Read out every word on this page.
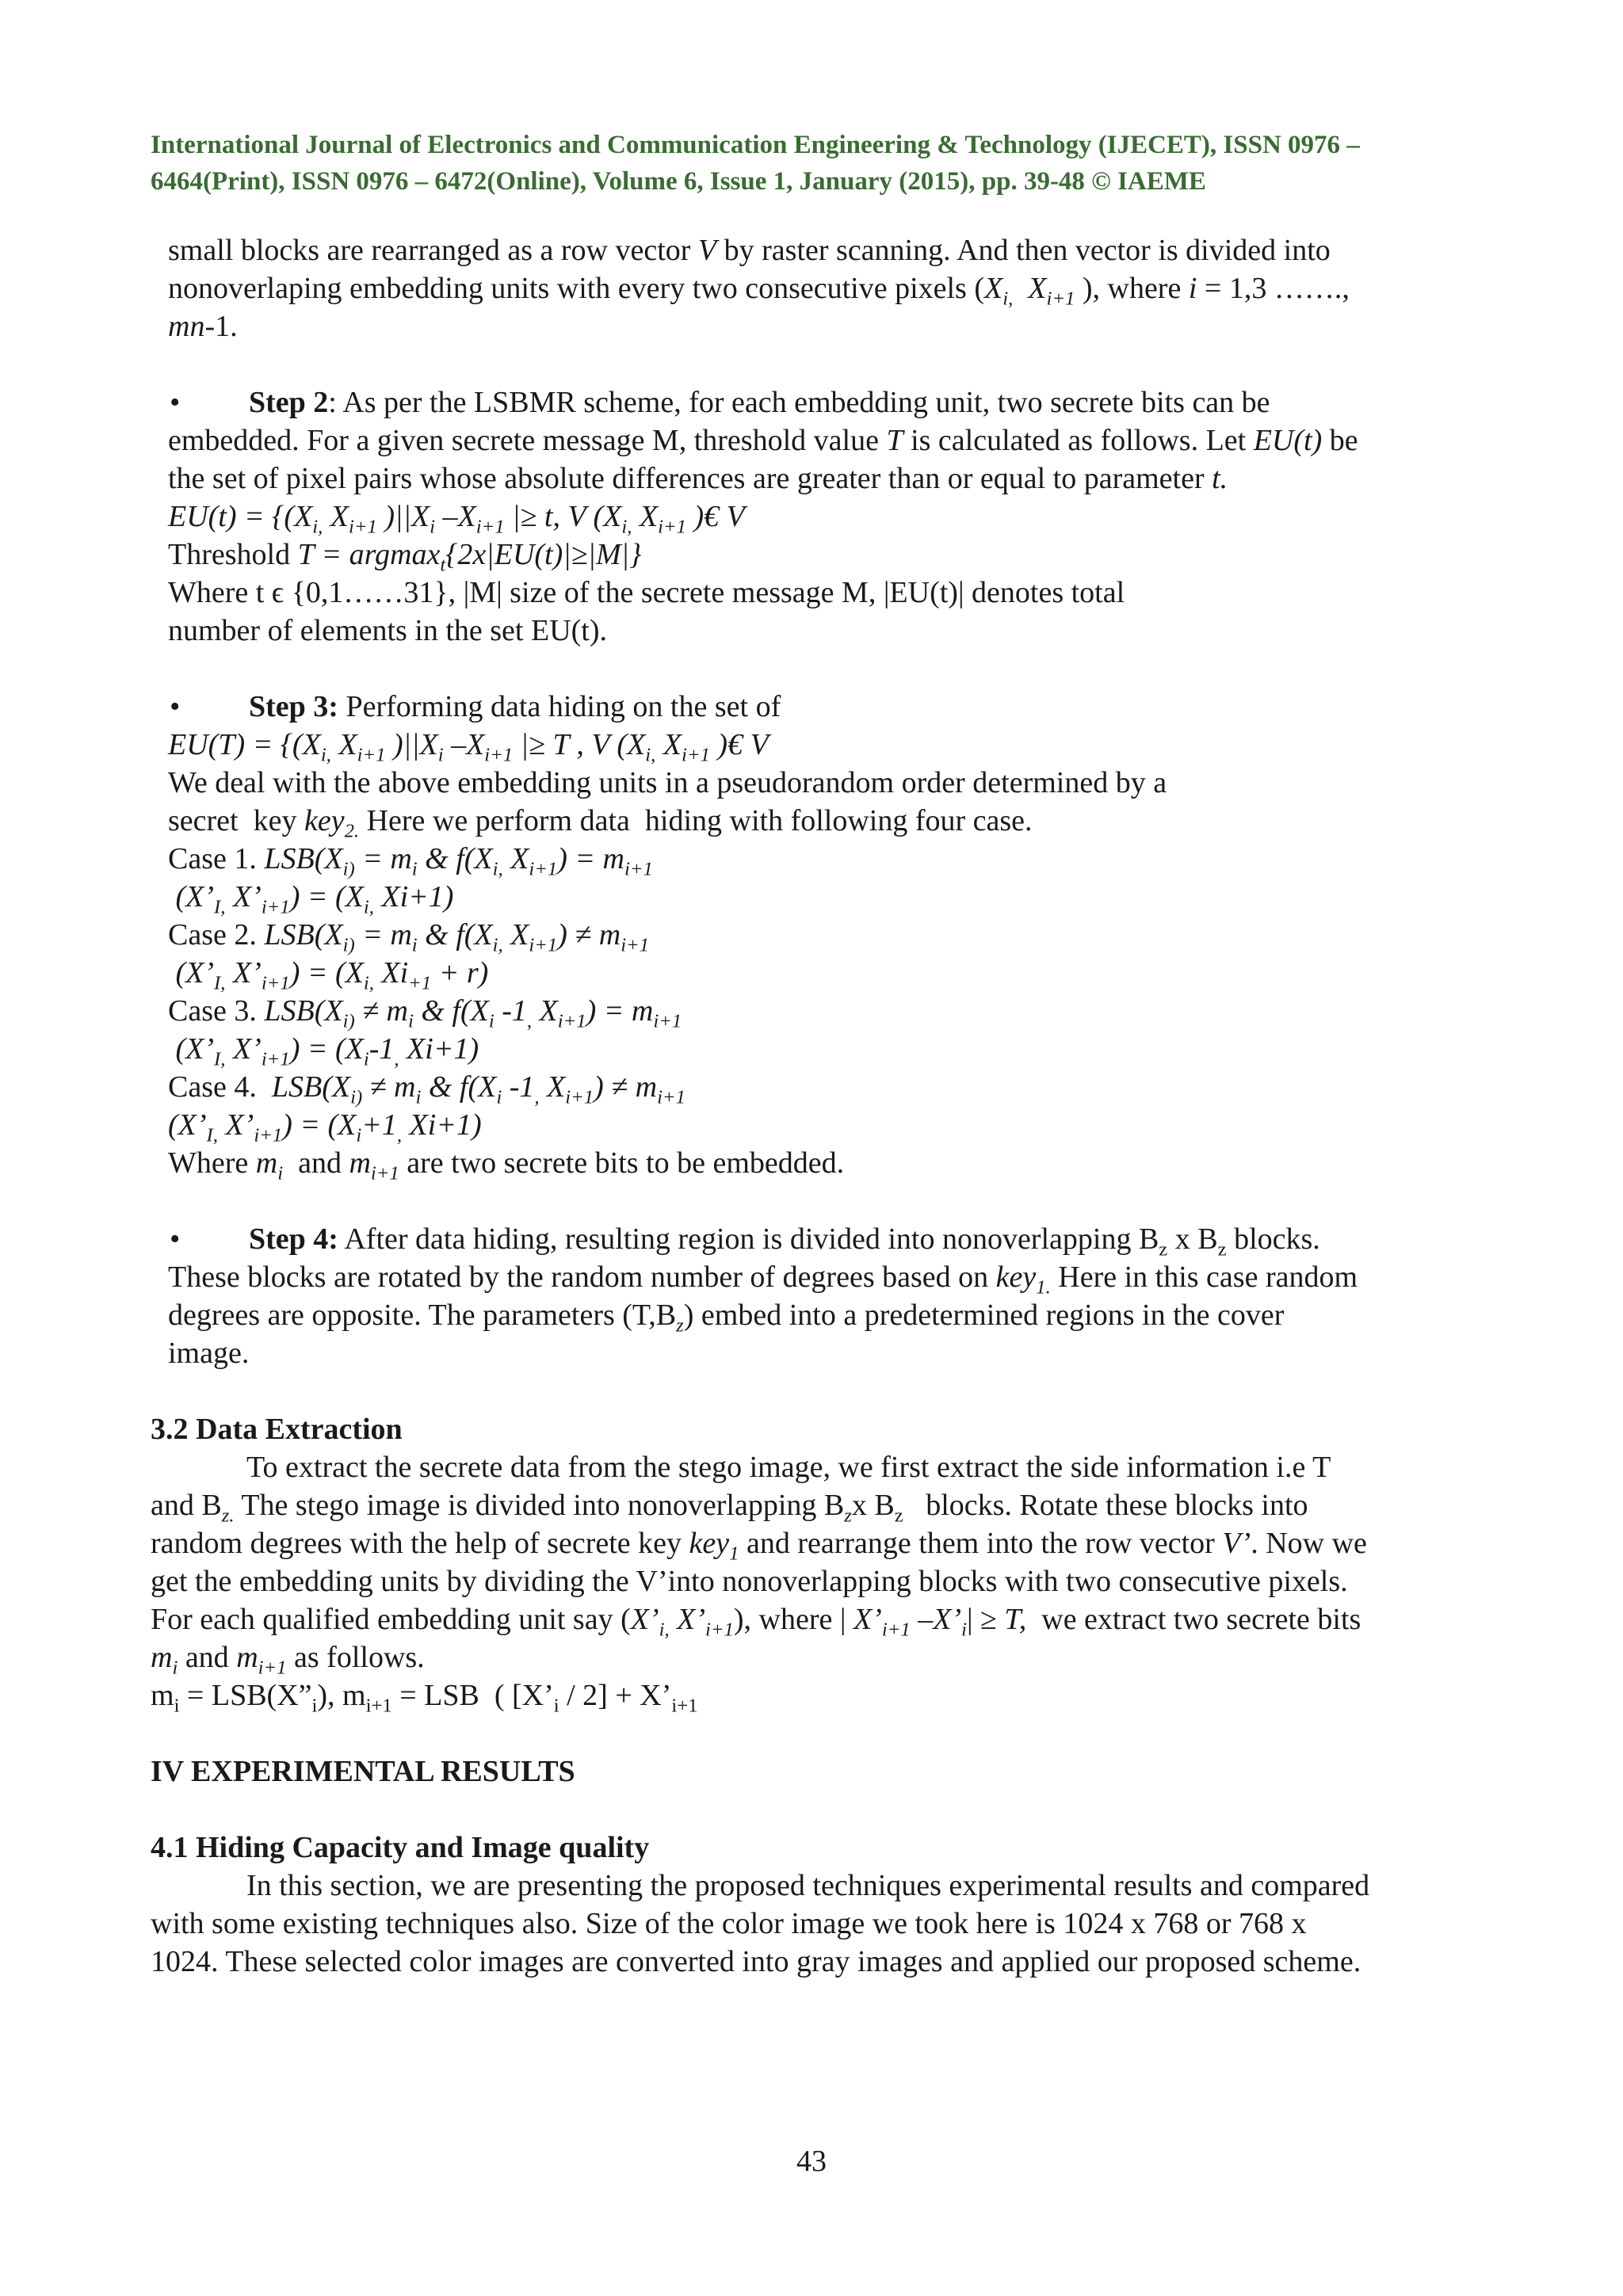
International Journal of Electronics and Communication Engineering & Technology (IJECET), ISSN 0976 –
6464(Print), ISSN 0976 – 6472(Online), Volume 6, Issue 1, January (2015), pp. 39-48 © IAEME
small blocks are rearranged as a row vector V by raster scanning. And then vector is divided into
nonoverlaping embedding units with every two consecutive pixels ($X_{i,}$  $X_{i+1}$ ), where i = 1,3 …….,
mn-1.
• Step 2: As per the LSBMR scheme, for each embedding unit, two secrete bits can be
embedded. For a given secrete message M, threshold value T is calculated as follows. Let EU(t) be
the set of pixel pairs whose absolute differences are greater than or equal to parameter t.
$EU(t) = \{(X_{i,}$ $X_{i+1}$ )$||X_i$ $-X_{i+1}$ |≥ t, V ($X_{i,}$ $X_{i+1}$ )€ V
Threshold T = argmax$_t${2x|EU(t)|≥|M|}
Where t ϵ {0,1……31}, |M| size of the secrete message M, |EU(t)| denotes total
number of elements in the set EU(t).
• Step 3: Performing data hiding on the set of
$EU(T) = \{(X_{i,}$ $X_{i+1}$ )$||X_i$ $-X_{i+1}$ |≥ T , V ($X_{i,}$ $X_{i+1}$ )€ V
We deal with the above embedding units in a pseudorandom order determined by a
secret  key key$_{2.}$ Here we perform data  hiding with following four case.
Case 1. $LSB(X_{i)} = m_i$ & $f(X_{i,}$ $X_{i+1}) = m_{i+1}$
($X’_{I,}$ $X’_{i+1}) = (X_{i,}$ Xi+1)
Case 2. $LSB(X_{i)} = m_i$ & $f(X_{i,}$ $X_{i+1}) \ne m_{i+1}$
($X’_{I,}$ $X’_{i+1}) = (X_{i,}$ $Xi_{+1} + r$)
Case 3. $LSB(X_{i)} \ne m_i$ & $f(X_i$ $-1_,$ $X_{i+1}) = m_{i+1}$
($X’_{I,}$ $X’_{i+1}) = (X_i-1_,$ Xi+1)
Case 4.  $LSB(X_{i)} \ne m_i$ & $f(X_i$ $-1_,$ $X_{i+1}) \ne m_{i+1}$
($X’_{I,}$ $X’_{i+1}) = (X_i+1_,$ Xi+1)
Where $m_i$  and $m_{i+1}$ are two secrete bits to be embedded.
• Step 4: After data hiding, resulting region is divided into nonoverlapping $B_z$ x $B_z$ blocks.
These blocks are rotated by the random number of degrees based on key$_{1.}$ Here in this case random
degrees are opposite. The parameters $(T,B_z)$ embed into a predetermined regions in the cover
image.
3.2 Data Extraction
To extract the secrete data from the stego image, we first extract the side information i.e T
and $B_{z.}$ The stego image is divided into nonoverlapping $B_zx$ $B_z$   blocks. Rotate these blocks into
random degrees with the help of secrete key key$_1$ and rearrange them into the row vector V’. Now we
get the embedding units by dividing the V’into nonoverlapping blocks with two consecutive pixels.
For each qualified embedding unit say ($X’_{i,}$ $X’_{i+1}$), where | $X’_{i+1}$ $-X’_i| \ge T$,  we extract two secrete bits
$m_i$ and $m_{i+1}$ as follows.
$m_i$ = $LSB(X”_i)$, $m_{i+1}$ = LSB  ( $[X’_i / 2]$ + $X’_{i+1}$
IV EXPERIMENTAL RESULTS
4.1 Hiding Capacity and Image quality
In this section, we are presenting the proposed techniques experimental results and compared
with some existing techniques also. Size of the color image we took here is 1024 x 768 or 768 x
1024. These selected color images are converted into gray images and applied our proposed scheme.
43
